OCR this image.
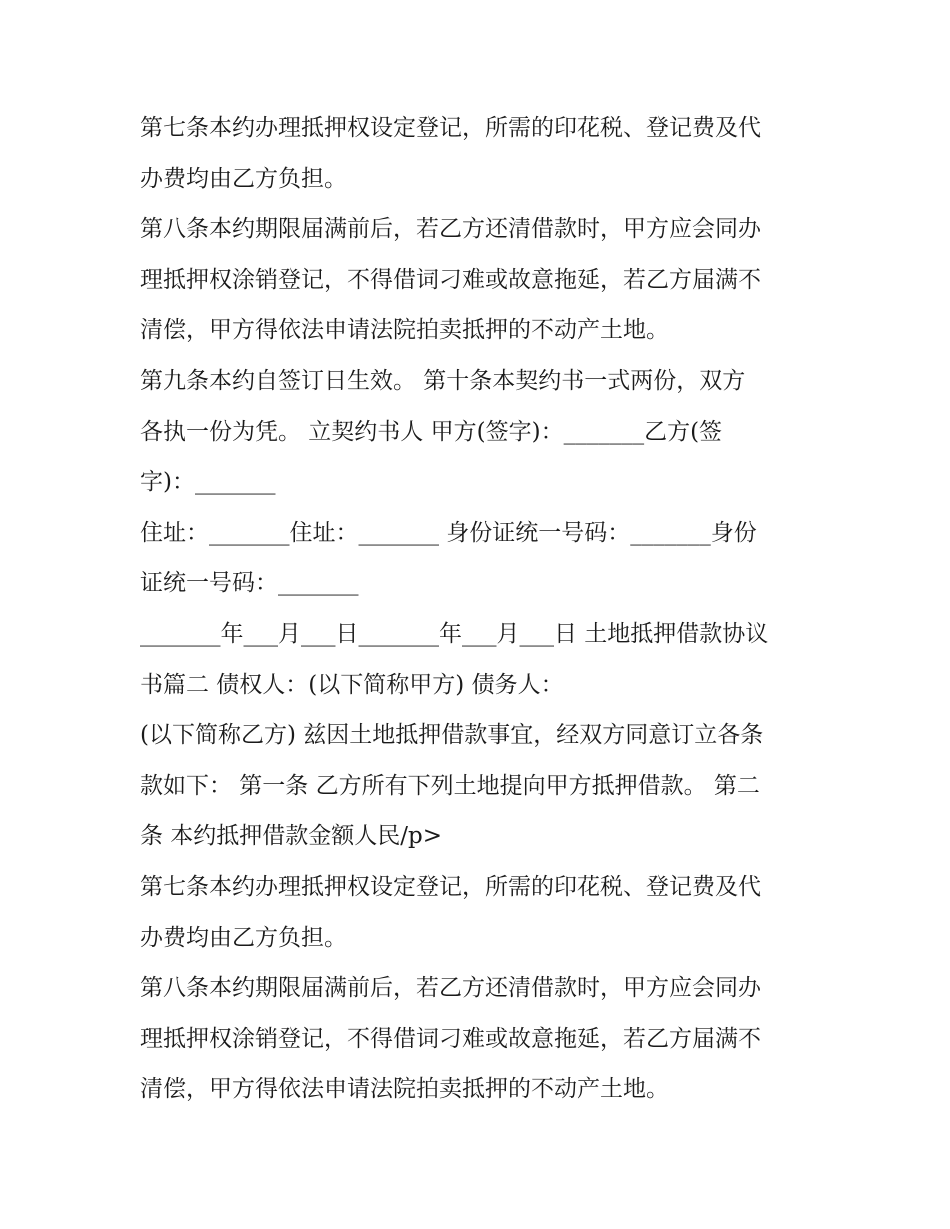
第七条本约办理抵押权设定登记，所需的印花税、登记费及代

办费均由乙方负担。

第八条本约期限届满前后，若乙方还清借款时，甲方应会同办

理抵押权涂销登记，不得借词刁难或故意拖延，若乙方届满不

清偿，甲方得依法申请法院拍卖抵押的不动产土地。

第九条本约自签订日生效。 第十条本契约书一式两份，双方

各执一份为凭。 立契约书人 甲方(签字)：_______乙方(签

字)：_______

住址：_______住址：_______ 身份证统一号码：_______身份

证统一号码：_______

_______年___月___日_______年___月___日 土地抵押借款协议

书篇二 债权人：(以下简称甲方) 债务人：

(以下简称乙方) 兹因土地抵押借款事宜，经双方同意订立各条

款如下： 第一条 乙方所有下列土地提向甲方抵押借款。 第二

条 本约抵押借款金额人民/p>

第七条本约办理抵押权设定登记，所需的印花税、登记费及代

办费均由乙方负担。

第八条本约期限届满前后，若乙方还清借款时，甲方应会同办

理抵押权涂销登记，不得借词刁难或故意拖延，若乙方届满不

清偿，甲方得依法申请法院拍卖抵押的不动产土地。
